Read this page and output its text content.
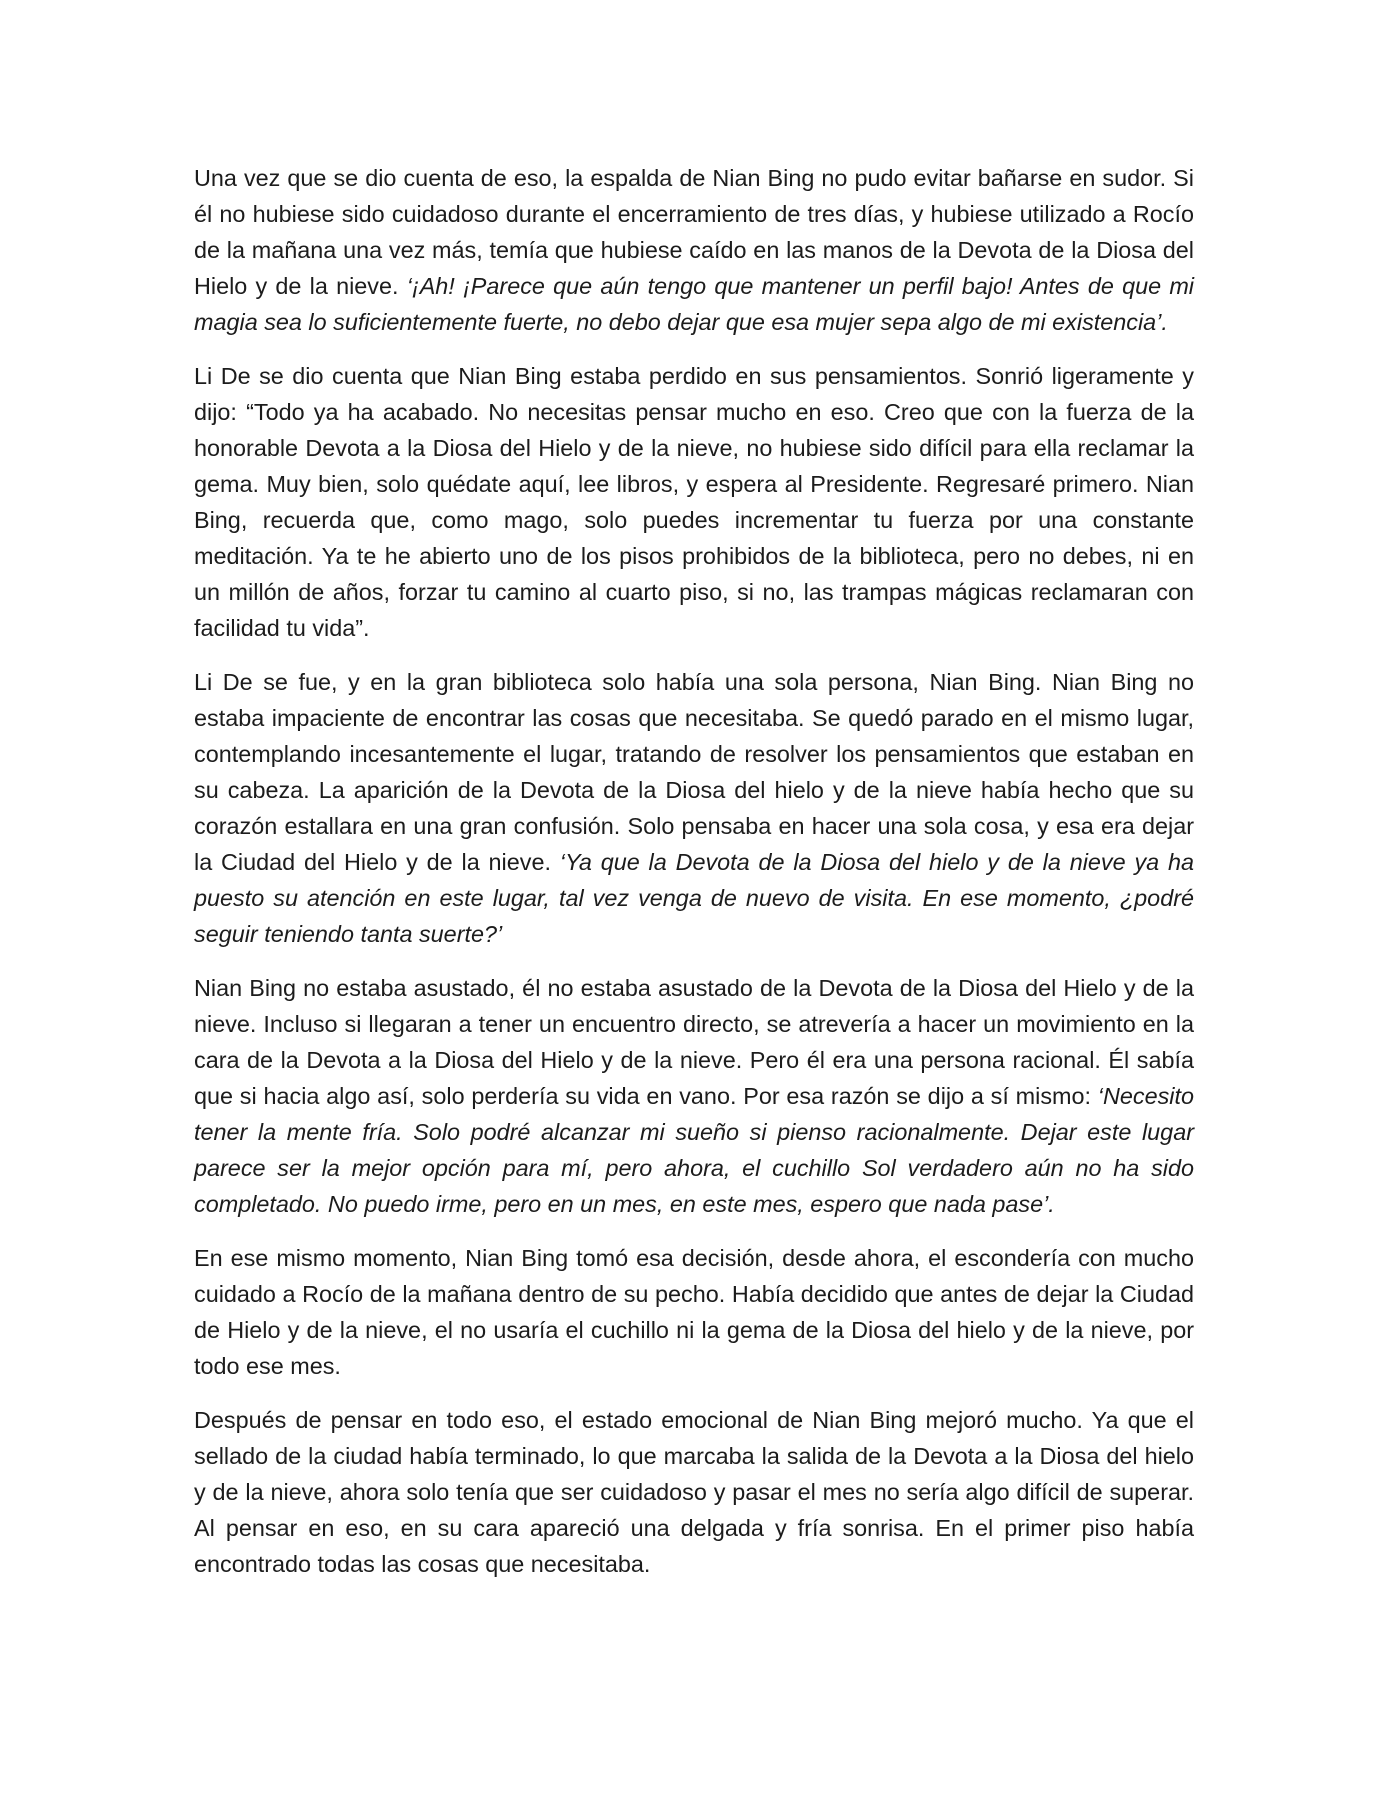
Una vez que se dio cuenta de eso, la espalda de Nian Bing no pudo evitar bañarse en sudor. Si él no hubiese sido cuidadoso durante el encerramiento de tres días, y hubiese utilizado a Rocío de la mañana una vez más, temía que hubiese caído en las manos de la Devota de la Diosa del Hielo y de la nieve. ‘¡Ah! ¡Parece que aún tengo que mantener un perfil bajo! Antes de que mi magia sea lo suficientemente fuerte, no debo dejar que esa mujer sepa algo de mi existencia’.

Li De se dio cuenta que Nian Bing estaba perdido en sus pensamientos. Sonrió ligeramente y dijo: “Todo ya ha acabado. No necesitas pensar mucho en eso. Creo que con la fuerza de la honorable Devota a la Diosa del Hielo y de la nieve, no hubiese sido difícil para ella reclamar la gema. Muy bien, solo quédate aquí, lee libros, y espera al Presidente. Regresaré primero. Nian Bing, recuerda que, como mago, solo puedes incrementar tu fuerza por una constante meditación. Ya te he abierto uno de los pisos prohibidos de la biblioteca, pero no debes, ni en un millón de años, forzar tu camino al cuarto piso, si no, las trampas mágicas reclamaran con facilidad tu vida”.

Li De se fue, y en la gran biblioteca solo había una sola persona, Nian Bing. Nian Bing no estaba impaciente de encontrar las cosas que necesitaba. Se quedó parado en el mismo lugar, contemplando incesantemente el lugar, tratando de resolver los pensamientos que estaban en su cabeza. La aparición de la Devota de la Diosa del hielo y de la nieve había hecho que su corazón estallara en una gran confusión. Solo pensaba en hacer una sola cosa, y esa era dejar la Ciudad del Hielo y de la nieve. ‘Ya que la Devota de la Diosa del hielo y de la nieve ya ha puesto su atención en este lugar, tal vez venga de nuevo de visita. En ese momento, ¿podré seguir teniendo tanta suerte?’

Nian Bing no estaba asustado, él no estaba asustado de la Devota de la Diosa del Hielo y de la nieve. Incluso si llegaran a tener un encuentro directo, se atrevería a hacer un movimiento en la cara de la Devota a la Diosa del Hielo y de la nieve. Pero él era una persona racional. Él sabía que si hacia algo así, solo perdería su vida en vano. Por esa razón se dijo a sí mismo: ‘Necesito tener la mente fría. Solo podré alcanzar mi sueño si pienso racionalmente. Dejar este lugar parece ser la mejor opción para mí, pero ahora, el cuchillo Sol verdadero aún no ha sido completado. No puedo irme, pero en un mes, en este mes, espero que nada pase’.

En ese mismo momento, Nian Bing tomó esa decisión, desde ahora, el escondería con mucho cuidado a Rocío de la mañana dentro de su pecho. Había decidido que antes de dejar la Ciudad de Hielo y de la nieve, el no usaría el cuchillo ni la gema de la Diosa del hielo y de la nieve, por todo ese mes.

Después de pensar en todo eso, el estado emocional de Nian Bing mejoró mucho. Ya que el sellado de la ciudad había terminado, lo que marcaba la salida de la Devota a la Diosa del hielo y de la nieve, ahora solo tenía que ser cuidadoso y pasar el mes no sería algo difícil de superar. Al pensar en eso, en su cara apareció una delgada y fría sonrisa. En el primer piso había encontrado todas las cosas que necesitaba.
